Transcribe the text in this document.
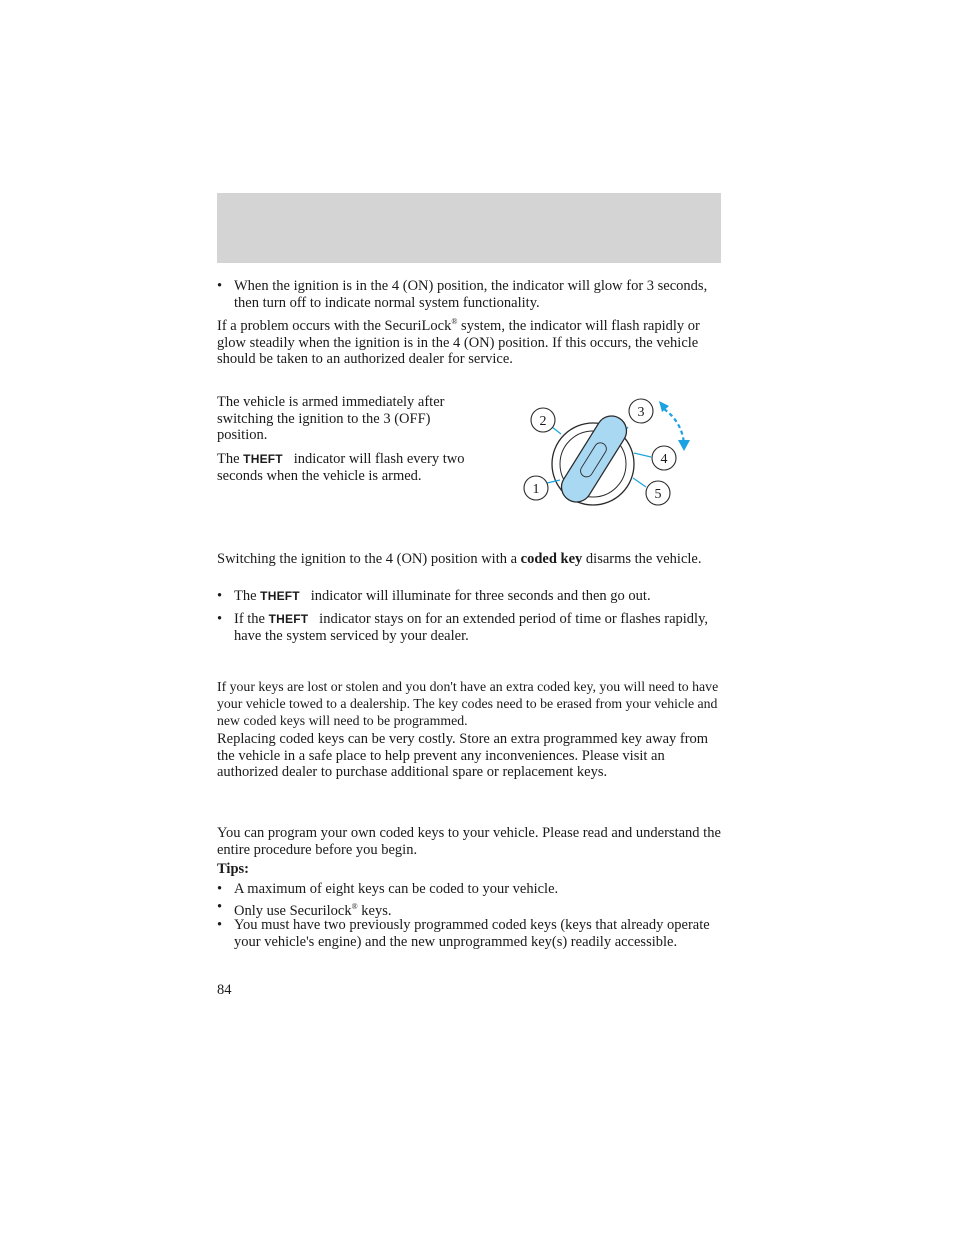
• When the ignition is in the 4 (ON) position, the indicator will glow for 3 seconds, then turn off to indicate normal system functionality.

If a problem occurs with the SecuriLock® system, the indicator will flash rapidly or glow steadily when the ignition is in the 4 (ON) position. If this occurs, the vehicle should be taken to an authorized dealer for service.

The vehicle is armed immediately after switching the ignition to the 3 (OFF) position.

The THEFT indicator will flash every two seconds when the vehicle is armed.

2
3
4
1	5

Switching the ignition to the 4 (ON) position with a coded key disarms the vehicle.

• The THEFT indicator will illuminate for three seconds and then go out.
• If the THEFT indicator stays on for an extended period of time or flashes rapidly, have the system serviced by your dealer.

If your keys are lost or stolen and you don't have an extra coded key, you will need to have your vehicle towed to a dealership. The key codes need to be erased from your vehicle and new coded keys will need to be programmed.

Replacing coded keys can be very costly. Store an extra programmed key away from the vehicle in a safe place to help prevent any inconveniences. Please visit an authorized dealer to purchase additional spare or replacement keys.

You can program your own coded keys to your vehicle. Please read and understand the entire procedure before you begin.

Tips:

• A maximum of eight keys can be coded to your vehicle.
• Only use Securilock® keys.
• You must have two previously programmed coded keys (keys that already operate your vehicle's engine) and the new unprogrammed key(s) readily accessible.

84
